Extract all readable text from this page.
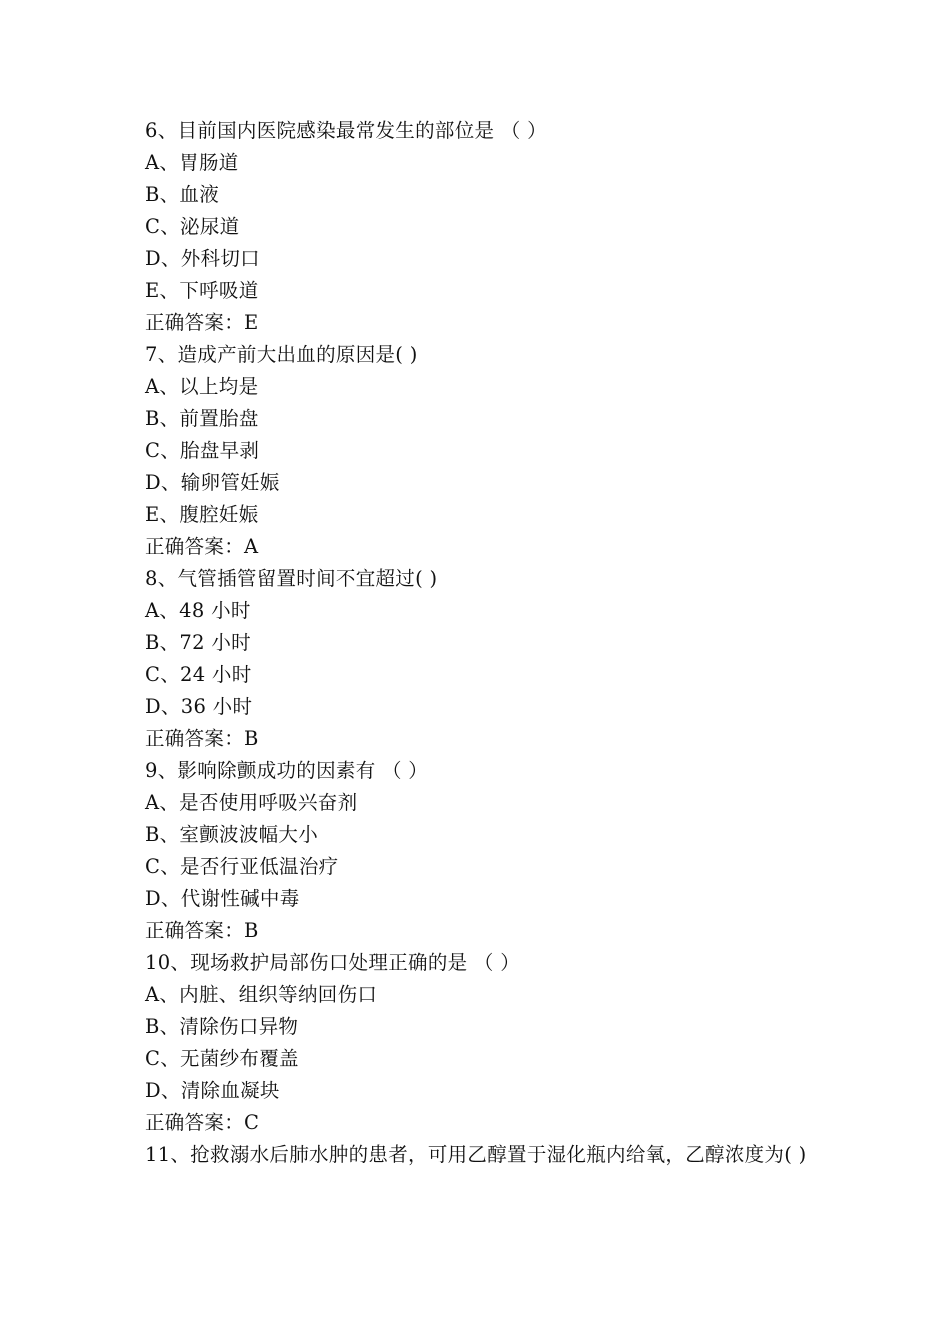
6、目前国内医院感染最常发生的部位是 （ ）
A、胃肠道
B、血液
C、泌尿道
D、外科切口
E、下呼吸道
正确答案：E
7、造成产前大出血的原因是( )
A、以上均是
B、前置胎盘
C、胎盘早剥
D、输卵管妊娠
E、腹腔妊娠
正确答案：A
8、气管插管留置时间不宜超过( )
A、48 小时
B、72 小时
C、24 小时
D、36 小时
正确答案：B
9、影响除颤成功的因素有 （ ）
A、是否使用呼吸兴奋剂
B、室颤波波幅大小
C、是否行亚低温治疗
D、代谢性碱中毒
正确答案：B
10、现场救护局部伤口处理正确的是 （ ）
A、内脏、组织等纳回伤口
B、清除伤口异物
C、无菌纱布覆盖
D、清除血凝块
正确答案：C
11、抢救溺水后肺水肿的患者，可用乙醇置于湿化瓶内给氧，乙醇浓度为( )
